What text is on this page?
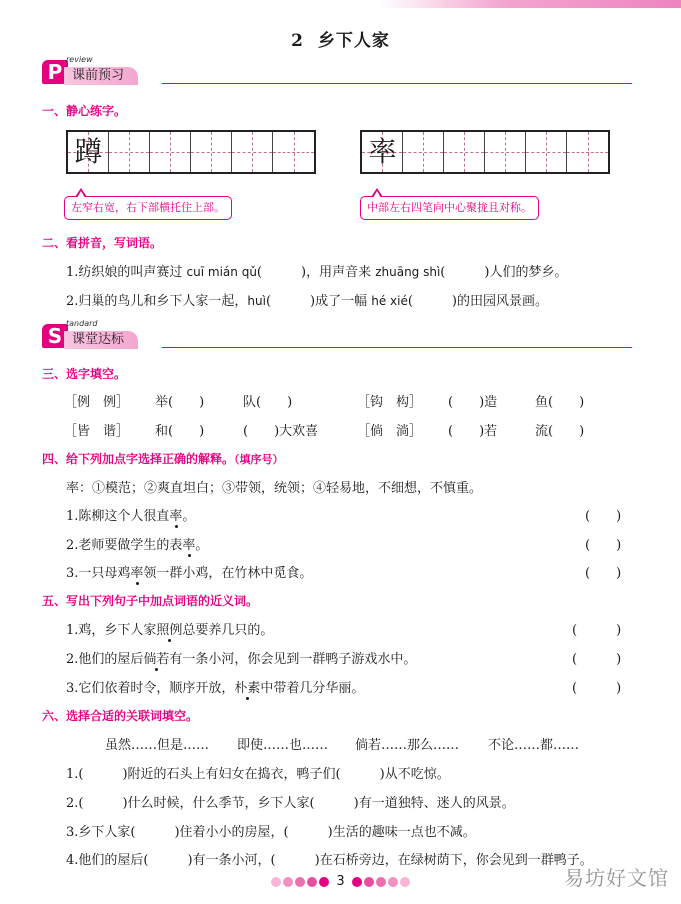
2 乡下人家
P
review
课前预习
一、静心练字。
蹲	率
左窄右宽，右下部横托住上部。	中部左右四笔向中心聚拢且对称。
二、看拼音，写词语。
1.纺织娘的叫声赛过 cuī mián qǔ(　　　)，用声音来 zhuāng shì(　　　)人们的梦乡。
2.归巢的鸟儿和乡下人家一起，huì(　　　)成了一幅 hé xié(　　　)的田园风景画。
S
tandard
课堂达标
三、选字填空。
［例　例］ 举(　　)	队(　　)	［钩　构］ (　　)造	鱼(　　)
［皆　谐］ 和(　　)	(　　)大欢喜	［倘　淌］ (　　)若	流(　　)
四、给下列加点字选择正确的解释。（填序号）
率：①模范；②爽直坦白；③带领，统领；④轻易地，不细想，不慎重。
1.陈柳这个人很直率。	(　　)
2.老师要做学生的表率。	(　　)
3.一只母鸡率领一群小鸡，在竹林中觅食。	(　　)
五、写出下列句子中加点词语的近义词。
1.鸡，乡下人家照例总要养几只的。	(　　　)
2.他们的屋后倘若有一条小河，你会见到一群鸭子游戏水中。	(　　　)
3.它们依着时令，顺序开放，朴素中带着几分华丽。	(　　　)
六、选择合适的关联词填空。
虽然……但是…… 即使……也…… 倘若……那么…… 不论……都……
1.(　　　)附近的石头上有妇女在捣衣，鸭子们(　　　)从不吃惊。
2.(　　　)什么时候，什么季节，乡下人家(　　　)有一道独特、迷人的风景。
3.乡下人家(　　　)住着小小的房屋，(　　　)生活的趣味一点也不减。
4.他们的屋后(　　　)有一条小河，(　　　)在石桥旁边，在绿树荫下，你会见到一群鸭子。
3	易坊好文馆
